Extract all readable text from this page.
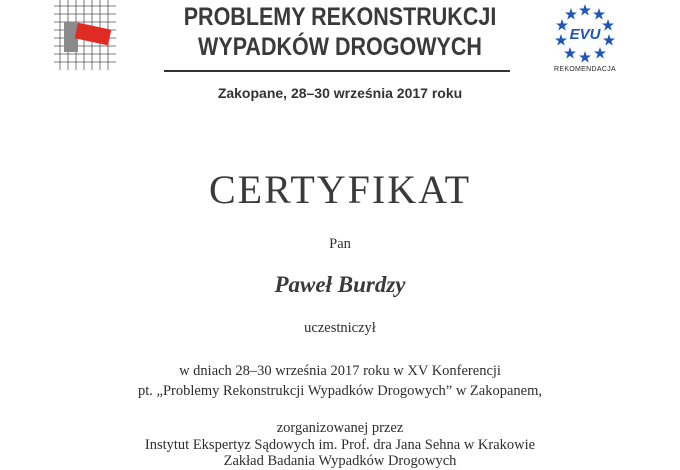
PROBLEMY REKONSTRUKCJI
WYPADKÓW DROGOWYCH
Zakopane, 28–30 września 2017 roku
EVU
REKOMENDACJA
CERTYFIKAT
Pan
Paweł Burdzy
uczestniczył
w dniach 28–30 września 2017 roku w XV Konferencji
pt. „Problemy Rekonstrukcji Wypadków Drogowych” w Zakopanem,
zorganizowanej przez
Instytut Ekspertyz Sądowych im. Prof. dra Jana Sehna w Krakowie
Zakład Badania Wypadków Drogowych
